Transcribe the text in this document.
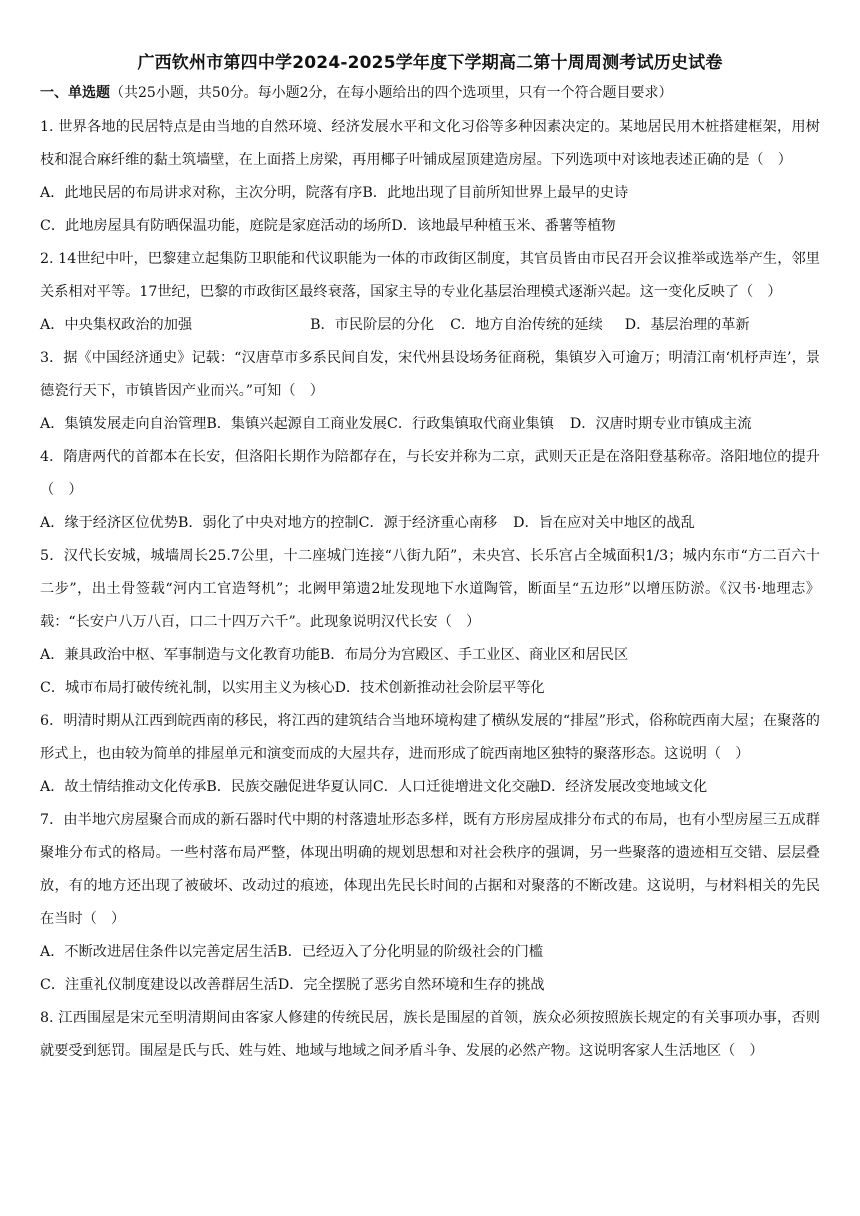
广西钦州市第四中学2024-2025学年度下学期高二第十周周测考试历史试卷
一、单选题（共25小题，共50分。每小题2分，在每小题给出的四个选项里，只有一个符合题目要求）

1. 世界各地的民居特点是由当地的自然环境、经济发展水平和文化习俗等多种因素决定的。某地居民用木桩搭建框架，用树枝和混合麻纤维的黏土筑墙壁，在上面搭上房梁，再用椰子叶铺成屋顶建造房屋。下列选项中对该地表述正确的是（　）

A．此地民居的布局讲求对称，主次分明，院落有序B．此地出现了目前所知世界上最早的史诗

C．此地房屋具有防晒保温功能，庭院是家庭活动的场所D．该地最早种植玉米、番薯等植物

2. 14世纪中叶，巴黎建立起集防卫职能和代议职能为一体的市政街区制度，其官员皆由市民召开会议推举或选举产生，邻里关系相对平等。17世纪，巴黎的市政街区最终衰落，国家主导的专业化基层治理模式逐渐兴起。这一变化反映了（　）

A．中央集权政治的加强	B．市民阶层的分化 C．地方自治传统的延续 D．基层治理的革新

3．据《中国经济通史》记载：“汉唐草市多系民间自发，宋代州县设场务征商税，集镇岁入可逾万；明清江南‘机杼声连’，景德瓷行天下，市镇皆因产业而兴。”可知（　）

A．集镇发展走向自治管理B．集镇兴起源自工商业发展C．行政集镇取代商业集镇 D．汉唐时期专业市镇成主流

4．隋唐两代的首都本在长安，但洛阳长期作为陪都存在，与长安并称为二京，武则天正是在洛阳登基称帝。洛阳地位的提升（　）

A．缘于经济区位优势B．弱化了中央对地方的控制C．源于经济重心南移 D．旨在应对关中地区的战乱

5．汉代长安城，城墙周长25.7公里，十二座城门连接“八街九陌”，未央宫、长乐宫占全城面积1/3；城内东市“方二百六十二步”，出土骨签载“河内工官造弩机”；北阙甲第遗2址发现地下水道陶管，断面呈“五边形”以增压防淤。《汉书·地理志》载：“长安户八万八百，口二十四万六千”。此现象说明汉代长安（　）

A．兼具政治中枢、军事制造与文化教育功能B．布局分为宫殿区、手工业区、商业区和居民区

C．城市布局打破传统礼制，以实用主义为核心D．技术创新推动社会阶层平等化

6．明清时期从江西到皖西南的移民，将江西的建筑结合当地环境构建了横纵发展的“排屋”形式，俗称皖西南大屋；在聚落的形式上，也由较为简单的排屋单元和演变而成的大屋共存，进而形成了皖西南地区独特的聚落形态。这说明（　）

A．故土情结推动文化传承B．民族交融促进华夏认同C．人口迁徙增进文化交融D．经济发展改变地域文化

7．由半地穴房屋聚合而成的新石器时代中期的村落遗址形态多样，既有方形房屋成排分布式的布局，也有小型房屋三五成群聚堆分布式的格局。一些村落布局严整，体现出明确的规划思想和对社会秩序的强调，另一些聚落的遗迹相互交错、层层叠放，有的地方还出现了被破坏、改动过的痕迹，体现出先民长时间的占据和对聚落的不断改建。这说明，与材料相关的先民在当时（　）

A．不断改进居住条件以完善定居生活B．已经迈入了分化明显的阶级社会的门槛

C．注重礼仪制度建设以改善群居生活D．完全摆脱了恶劣自然环境和生存的挑战

8. 江西围屋是宋元至明清期间由客家人修建的传统民居，族长是围屋的首领，族众必须按照族长规定的有关事项办事，否则就要受到惩罚。围屋是氏与氏、姓与姓、地域与地域之间矛盾斗争、发展的必然产物。这说明客家人生活地区（　）
